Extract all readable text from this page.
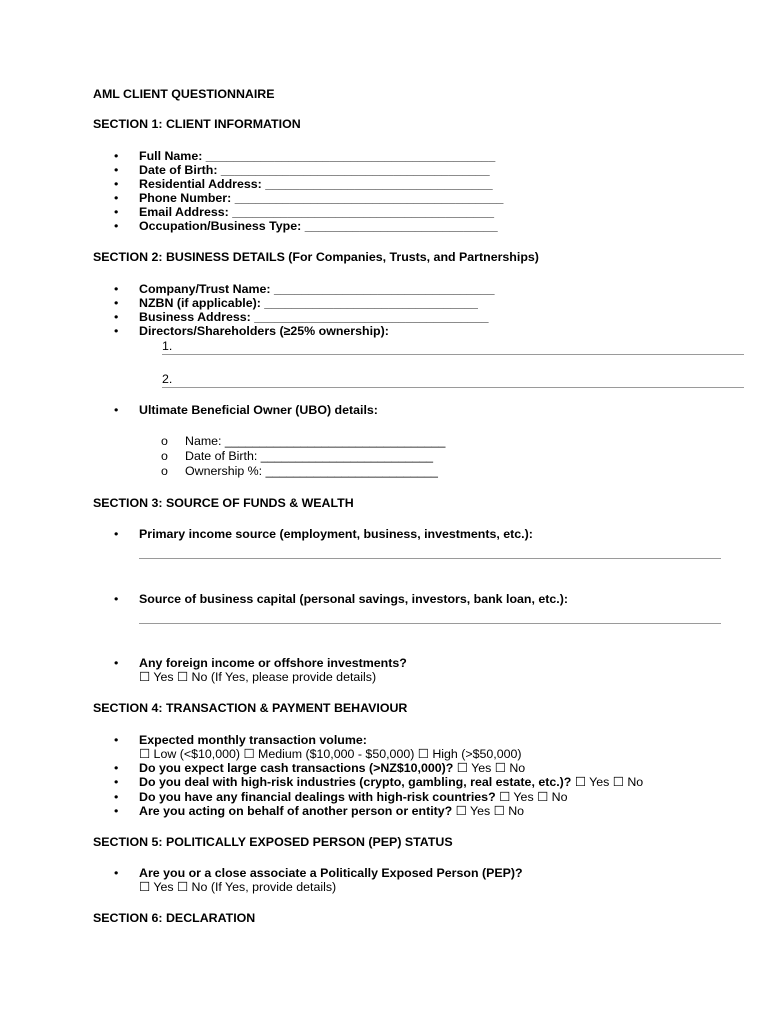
AML CLIENT QUESTIONNAIRE
SECTION 1: CLIENT INFORMATION
• Full Name: __________________________________________
• Date of Birth: _______________________________________
• Residential Address: _________________________________
• Phone Number: _______________________________________
• Email Address: ______________________________________
• Occupation/Business Type: ____________________________
SECTION 2: BUSINESS DETAILS (For Companies, Trusts, and Partnerships)
• Company/Trust Name: ________________________________
• NZBN (if applicable): _______________________________
• Business Address: __________________________________
• Directors/Shareholders (≥25% ownership):
1.
2.
• Ultimate Beneficial Owner (UBO) details:
o Name: ________________________________
o Date of Birth: _________________________
o Ownership %: _________________________
SECTION 3: SOURCE OF FUNDS & WEALTH
• Primary income source (employment, business, investments, etc.):
• Source of business capital (personal savings, investors, bank loan, etc.):
• Any foreign income or offshore investments?
☐ Yes ☐ No (If Yes, please provide details)
SECTION 4: TRANSACTION & PAYMENT BEHAVIOUR
• Expected monthly transaction volume:
☐ Low (<$10,000) ☐ Medium ($10,000 - $50,000) ☐ High (>$50,000)
• Do you expect large cash transactions (>NZ$10,000)? ☐ Yes ☐ No
• Do you deal with high-risk industries (crypto, gambling, real estate, etc.)? ☐ Yes ☐ No
• Do you have any financial dealings with high-risk countries? ☐ Yes ☐ No
• Are you acting on behalf of another person or entity? ☐ Yes ☐ No
SECTION 5: POLITICALLY EXPOSED PERSON (PEP) STATUS
• Are you or a close associate a Politically Exposed Person (PEP)?
☐ Yes ☐ No (If Yes, provide details)
SECTION 6: DECLARATION
